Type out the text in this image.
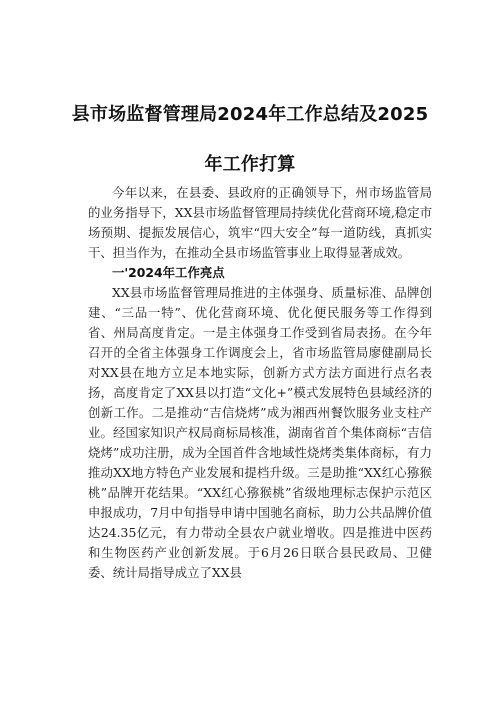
县市场监督管理局2024年工作总结及2025
年工作打算

今年以来，在县委、县政府的正确领导下，州市场监管局的业务指导下，XX县市场监督管理局持续优化营商环境,稳定市场预期、提振发展信心，筑牢“四大安全”每一道防线，真抓实干、担当作为，在推动全县市场监管事业上取得显著成效。

一'2024年工作亮点

XX县市场监督管理局推进的主体强身、质量标准、品牌创建、“三品一特”、优化营商环境、优化便民服务等工作得到省、州局高度肯定。一是主体强身工作受到省局表扬。在今年召开的全省主体强身工作调度会上，省市场监管局廖健副局长对XX县在地方立足本地实际，创新方式方法方面进行点名表扬，高度肯定了XX县以打造“文化+”模式发展特色县域经济的创新工作。二是推动“吉信烧烤”成为湘西州餐饮服务业支柱产业。经国家知识产权局商标局核准，湖南省首个集体商标“吉信烧烤”成功注册，成为全国首件含地域性烧烤类集体商标，有力推动XX地方特色产业发展和提档升级。三是助推“XX红心猕猴桃”品牌开花结果。“XX红心猕猴桃”省级地理标志保护示范区申报成功，7月中旬指导申请中国驰名商标，助力公共品牌价值达24.35亿元，有力带动全县农户就业增收。四是推进中医药和生物医药产业创新发展。于6月26日联合县民政局、卫健委、统计局指导成立了XX县
